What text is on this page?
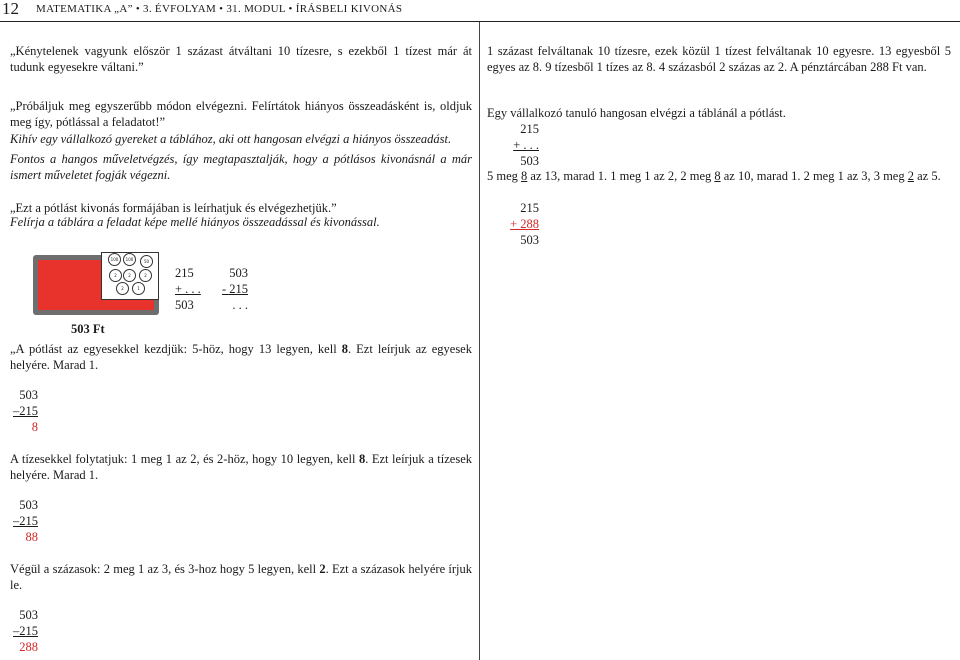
12 MATEMATIKA „A” • 3. ÉVFOLYAM • 31. MODUL • ÍRÁSBELI KIVONÁS
„Kénytelenek vagyunk először 1 százast átváltani 10 tízesre, s ezekből 1 tízest már át tudunk egyesekre váltani.”
„Próbáljuk meg egyszerűbb módon elvégezni. Felírtátok hiányos összeadásként is, oldjuk meg így, pótlással a feladatot!”
Kihív egy vállalkozó gyereket a táblához, aki ott hangosan elvégzi a hiányos összeadást.
Fontos a hangos műveletvégzés, így megtapasztalják, hogy a pótlásos kivonásnál a már ismert műveletet fogják végezni.
„Ezt a pótlást kivonás formájában is leírhatjuk és elvégezhetjük.”
Felírja a táblára a feladat képe mellé hiányos összeadással és kivonással.
100	100	50
2	2	2
2	1
215
+ . . .
503
503
- 215
. . .
503 Ft
„A pótlást az egyesekkel kezdjük: 5-höz, hogy 13 legyen, kell 8. Ezt leírjuk az egyesek helyére. Marad 1.
503
–215
8
A tízesekkel folytatjuk: 1 meg 1 az 2, és 2-höz, hogy 10 legyen, kell 8. Ezt leírjuk a tízesek helyére. Marad 1.
503
–215
88
Végül a százasok: 2 meg 1 az 3, és 3-hoz hogy 5 legyen, kell 2. Ezt a százasok helyére írjuk le.
503
–215
288
1 százast felváltanak 10 tízesre, ezek közül 1 tízest felváltanak 10 egyesre. 13 egyesből 5 egyes az 8. 9 tízesből 1 tízes az 8. 4 százasból 2 százas az 2. A pénztárcában 288 Ft van.
Egy vállalkozó tanuló hangosan elvégzi a táblánál a pótlást.
215
+ . . .
503
5 meg 8 az 13, marad 1. 1 meg 1 az 2, 2 meg 8 az 10, marad 1. 2 meg 1 az 3, 3 meg 2 az 5.
215
+ 288
503
